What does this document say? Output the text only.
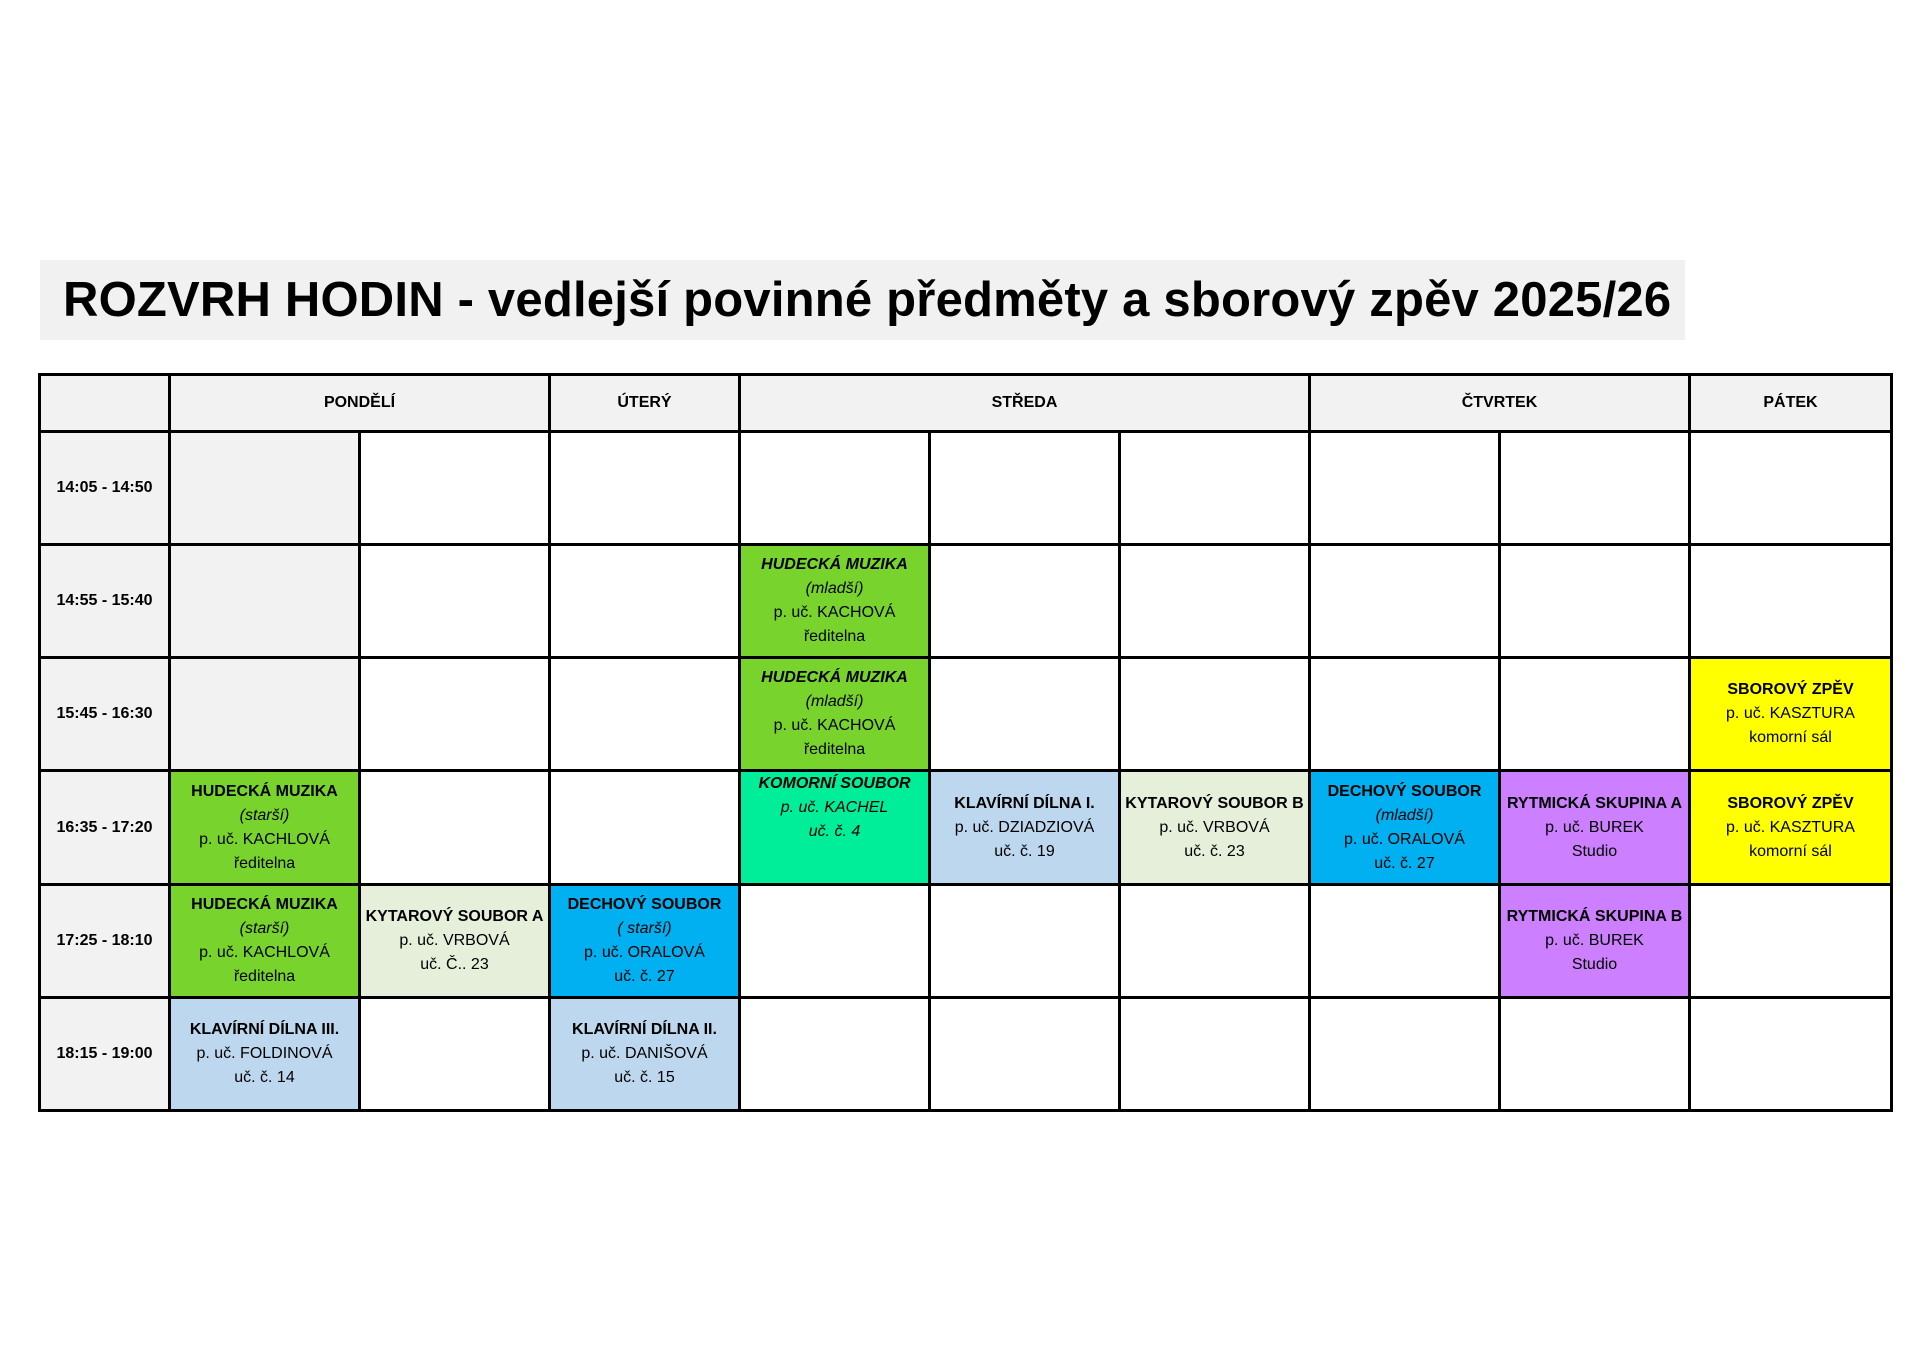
ROZVRH HODIN - vedlejší povinné předměty a sborový zpěv 2025/26
	PONDĚLÍ		ÚTERÝ	STŘEDA			ČTVRTEK		PÁTEK
14:05 - 14:50									
14:55 - 15:40				HUDECKÁ MUZIKA
(mladší)
p. uč. KACHOVÁ
ředitelna					

15:45 - 16:30				HUDECKÁ MUZIKA
(mladší)
p. uč. KACHOVÁ
ředitelna					SBOROVÝ ZPĚV
p. uč. KASZTURA
komorní sál

16:35 - 17:20	HUDECKÁ MUZIKA
(starší)
p. uč. KACHLOVÁ
ředitelna			KOMORNÍ SOUBOR
p. uč. KACHEL
uč. č. 4	KLAVÍRNÍ DÍLNA I.
p. uč. DZIADZIOVÁ
uč. č. 19	KYTAROVÝ SOUBOR B
p. uč. VRBOVÁ
uč. č. 23	DECHOVÝ SOUBOR
(mladší)
p. uč. ORALOVÁ
uč. č. 27	RYTMICKÁ SKUPINA A
p. uč. BUREK
Studio	SBOROVÝ ZPĚV
p. uč. KASZTURA
komorní sál

17:25 - 18:10	HUDECKÁ MUZIKA
(starší)
p. uč. KACHLOVÁ
ředitelna	KYTAROVÝ SOUBOR A
p. uč. VRBOVÁ
uč. Č.. 23	DECHOVÝ SOUBOR
( starší)
p. uč. ORALOVÁ
uč. č. 27					RYTMICKÁ SKUPINA B
p. uč. BUREK
Studio	

18:15 - 19:00	KLAVÍRNÍ DÍLNA III.
p. uč. FOLDINOVÁ
uč. č. 14		KLAVÍRNÍ DÍLNA II.
p. uč. DANIŠOVÁ
uč. č. 15						
